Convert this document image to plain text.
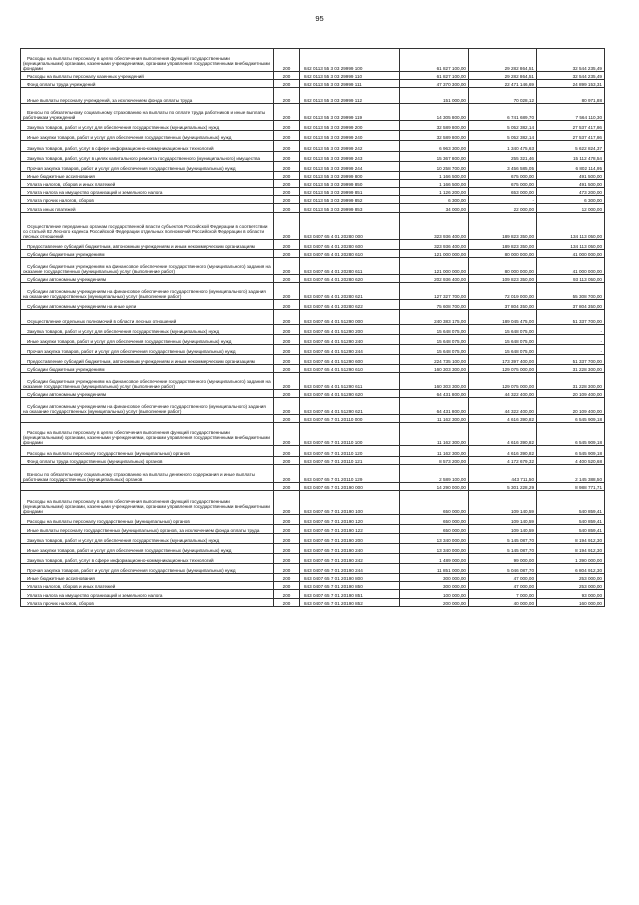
95
Расходы на выплаты персоналу в целях обеспечения выполнения функций государственными (муниципальными) органами, казенными учреждениями, органами управления государственными внебюджетными фондами	200	842 0113 55 3 03 29999 100	61 827 100,00	29 282 864,51	32 544 235,49
Расходы на выплаты персоналу казенных учреждений	200	842 0113 55 3 03 29999 110	61 827 100,00	29 282 864,51	32 544 235,49
Фонд оплаты труда учреждений	200	842 0113 55 3 03 29999 111	47 370 300,00	22 471 146,69	24 899 153,31
Иные выплаты персоналу учреждений, за исключением фонда оплаты труда	200	842 0113 55 3 03 29999 112	151 000,00	70 028,12	80 971,88
Взносы по обязательному социальному страхованию на выплаты по оплате труда работников и иные выплаты работникам учреждений	200	842 0113 55 3 03 29999 119	14 305 800,00	6 741 689,70	7 564 110,30
Закупка товаров, работ и услуг для обеспечения государственных (муниципальных) нужд	200	842 0113 55 3 03 29999 200	32 589 800,00	5 052 382,14	27 537 417,86
Иные закупки товаров, работ и услуг для обеспечения государственных (муниципальных) нужд	200	842 0113 55 3 03 29999 240	32 589 800,00	5 052 382,14	27 537 417,86
Закупка товаров, работ, услуг в сфере информационно-коммуникационных технологий	200	842 0113 55 3 03 29999 242	6 963 300,00	1 340 475,63	5 622 824,37
Закупка товаров, работ, услуг в целях капитального ремонта государственного (муниципального) имущества	200	842 0113 55 3 03 29999 243	15 367 800,00	255 321,46	15 112 478,54
Прочая закупка товаров, работ и услуг для обеспечения государственных (муниципальных) нужд	200	842 0113 55 3 03 29999 244	10 258 700,00	3 456 585,05	6 802 114,95
Иные бюджетные ассигнования	200	842 0113 55 3 03 29999 800	1 166 500,00	675 000,00	491 500,00
Уплата налогов, сборов и иных платежей	200	842 0113 55 3 03 29999 850	1 166 500,00	675 000,00	491 500,00
Уплата налога на имущество организаций и земельного налога	200	842 0113 55 3 03 29999 851	1 126 200,00	653 000,00	473 200,00
Уплата прочих налогов, сборов	200	842 0113 55 3 03 29999 852	6 300,00	-	6 300,00
Уплата иных платежей	200	842 0113 55 3 03 29999 853	34 000,00	22 000,00	12 000,00
Осуществление переданных органам государственной власти субъектов Российской Федерации в соответствии со статьей 82 Лесного кодекса Российской Федерации отдельных полномочий Российской Федерации в области лесных отношений	200	843 0407 65 4 01 20280 000	323 936 400,00	189 823 350,00	134 113 050,00
Предоставление субсидий бюджетным, автономным учреждениям и иным некоммерческим организациям	200	843 0407 65 4 01 20280 600	323 936 400,00	189 823 350,00	134 113 050,00
Субсидии бюджетным учреждениям	200	843 0407 65 4 01 20280 610	121 000 000,00	80 000 000,00	41 000 000,00
Субсидии бюджетным учреждениям на финансовое обеспечение государственного (муниципального) задания на оказание государственных (муниципальных) услуг (выполнение работ)	200	843 0407 65 4 01 20280 611	121 000 000,00	80 000 000,00	41 000 000,00
Субсидии автономным учреждениям	200	843 0407 65 4 01 20280 620	202 936 400,00	109 823 350,00	93 113 050,00
Субсидии автономным учреждениям на финансовое обеспечение государственного (муниципального) задания на оказание государственных (муниципальных) услуг (выполнение работ)	200	843 0407 65 4 01 20280 621	127 327 700,00	72 019 000,00	55 308 700,00
Субсидии автономным учреждениям на иные цели	200	843 0407 65 4 01 20280 622	75 608 700,00	37 804 350,00	37 804 350,00
Осуществление отдельных полномочий в области лесных отношений	200	843 0407 65 4 01 51290 000	240 383 175,00	189 045 475,00	51 337 700,00
Закупка товаров, работ и услуг для обеспечения государственных (муниципальных) нужд	200	843 0407 65 4 01 51290 200	15 648 075,00	15 648 075,00	-
Иные закупки товаров, работ и услуг для обеспечения государственных (муниципальных) нужд	200	843 0407 65 4 01 51290 240	15 648 075,00	15 648 075,00	-
Прочая закупка товаров, работ и услуг для обеспечения государственных (муниципальных) нужд	200	843 0407 65 4 01 51290 244	15 648 075,00	15 648 075,00	-
Предоставление субсидий бюджетным, автономным учреждениям и иным некоммерческим организациям	200	843 0407 65 4 01 51290 600	224 735 100,00	173 397 400,00	51 337 700,00
Субсидии бюджетным учреждениям	200	843 0407 65 4 01 51290 610	160 303 300,00	129 075 000,00	31 228 300,00
Субсидии бюджетным учреждениям на финансовое обеспечение государственного (муниципального) задания на оказание государственных (муниципальных) услуг (выполнение работ)	200	843 0407 65 4 01 51290 611	160 303 300,00	129 075 000,00	31 228 300,00
Субсидии автономным учреждениям	200	843 0407 65 4 01 51290 620	64 431 800,00	44 322 400,00	20 109 400,00
Субсидии автономным учреждениям на финансовое обеспечение государственного (муниципального) задания на оказание государственных (муниципальных) услуг (выполнение работ)	200	843 0407 65 4 01 51290 621	64 431 800,00	44 322 400,00	20 109 400,00
	200	843 0407 65 7 01 20110 000	11 162 300,00	4 616 390,82	6 545 909,18
Расходы на выплаты персоналу в целях обеспечения выполнения функций государственными (муниципальными) органами, казенными учреждениями, органами управления государственными внебюджетными фондами	200	843 0407 65 7 01 20110 100	11 162 300,00	4 616 390,82	6 545 909,18
Расходы на выплаты персоналу государственных (муниципальных) органов	200	843 0407 65 7 01 20110 120	11 162 300,00	4 616 390,82	6 545 909,18
Фонд оплаты труда государственных (муниципальных) органов	200	843 0407 65 7 01 20110 121	8 573 200,00	4 172 679,32	4 400 520,68
Взносы по обязательному социальному страхованию на выплаты денежного содержания и иные выплаты работникам государственных (муниципальных) органов	200	843 0407 65 7 01 20110 129	2 589 100,00	443 711,50	2 145 388,50
	200	843 0407 65 7 01 20190 000	14 290 000,00	5 301 228,29	8 988 771,71
Расходы на выплаты персоналу в целях обеспечения выполнения функций государственными (муниципальными) органами, казенными учреждениями, органами управления государственными внебюджетными фондами	200	843 0407 65 7 01 20190 100	650 000,00	109 140,59	540 859,41
Расходы на выплаты персоналу государственных (муниципальных) органов	200	843 0407 65 7 01 20190 120	650 000,00	109 140,59	540 859,41
Иные выплаты персоналу государственных (муниципальных) органов, за исключением фонда оплаты труда	200	843 0407 65 7 01 20190 122	650 000,00	109 140,59	540 859,41
Закупка товаров, работ и услуг для обеспечения государственных (муниципальных) нужд	200	843 0407 65 7 01 20190 200	13 340 000,00	5 145 087,70	8 194 912,30
Иные закупки товаров, работ и услуг для обеспечения государственных (муниципальных) нужд	200	843 0407 65 7 01 20190 240	13 340 000,00	5 145 087,70	8 194 912,30
Закупка товаров, работ, услуг в сфере информационно-коммуникационных технологий	200	843 0407 65 7 01 20190 242	1 489 000,00	99 000,00	1 390 000,00
Прочая закупка товаров, работ и услуг для обеспечения государственных (муниципальных) нужд	200	843 0407 65 7 01 20190 244	11 851 000,00	5 046 087,70	6 804 912,30
Иные бюджетные ассигнования	200	843 0407 65 7 01 20190 800	300 000,00	47 000,00	253 000,00
Уплата налогов, сборов и иных платежей	200	843 0407 65 7 01 20190 850	300 000,00	47 000,00	253 000,00
Уплата налога на имущество организаций и земельного налога	200	843 0407 65 7 01 20190 851	100 000,00	7 000,00	93 000,00
Уплата прочих налогов, сборов	200	843 0407 65 7 01 20190 852	200 000,00	40 000,00	160 000,00
